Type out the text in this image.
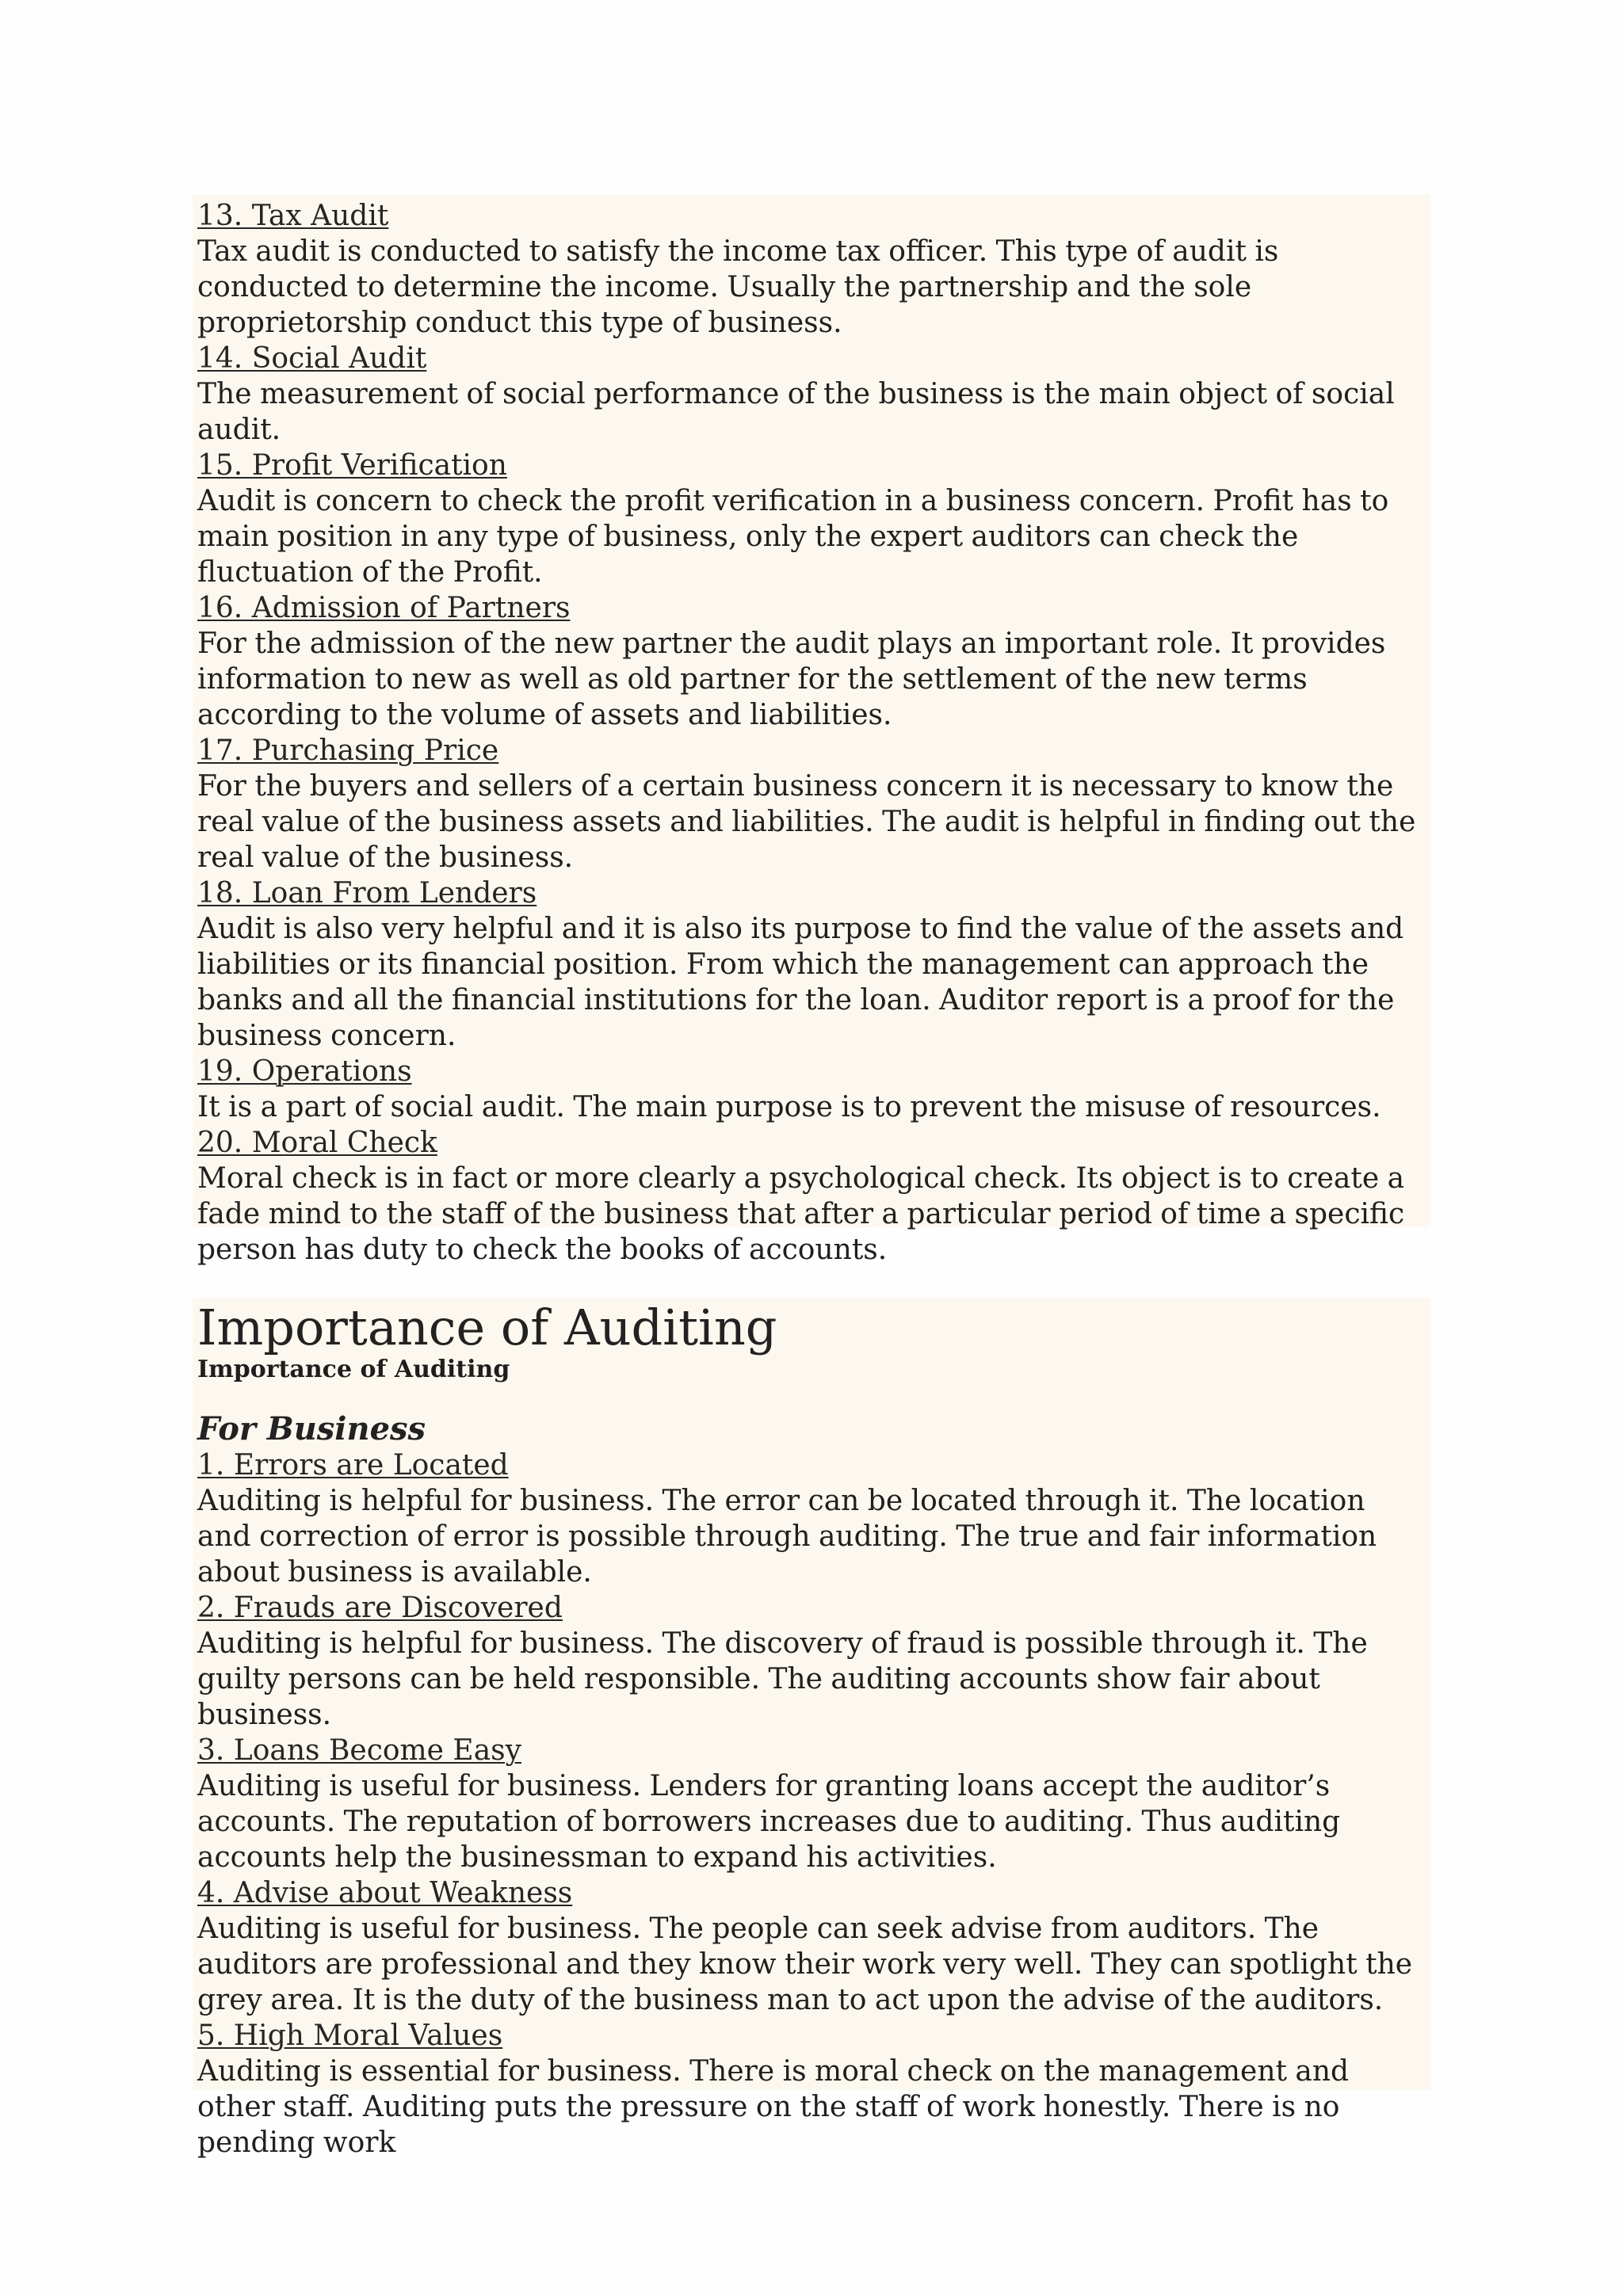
13. Tax Audit

Tax audit is conducted to satisfy the income tax officer. This type of audit is conducted to determine the income. Usually the partnership and the sole proprietorship conduct this type of business.

14. Social Audit

The measurement of social performance of the business is the main object of social audit.

15. Profit Verification

Audit is concern to check the profit verification in a business concern. Profit has to main position in any type of business, only the expert auditors can check the fluctuation of the Profit.

16. Admission of Partners

For the admission of the new partner the audit plays an important role. It provides information to new as well as old partner for the settlement of the new terms according to the volume of assets and liabilities.

17. Purchasing Price

For the buyers and sellers of a certain business concern it is necessary to know the real value of the business assets and liabilities. The audit is helpful in finding out the real value of the business.

18. Loan From Lenders

Audit is also very helpful and it is also its purpose to find the value of the assets and liabilities or its financial position. From which the management can approach the banks and all the financial institutions for the loan. Auditor report is a proof for the business concern.

19. Operations

It is a part of social audit. The main purpose is to prevent the misuse of resources.

20. Moral Check

Moral check is in fact or more clearly a psychological check. Its object is to create a fade mind to the staff of the business that after a particular period of time a specific person has duty to check the books of accounts.

Importance of Auditing
Importance of Auditing
For Business
1. Errors are Located

Auditing is helpful for business. The error can be located through it. The location and correction of error is possible through auditing. The true and fair information about business is available.

2. Frauds are Discovered

Auditing is helpful for business. The discovery of fraud is possible through it. The guilty persons can be held responsible. The auditing accounts show fair about business.

3. Loans Become Easy

Auditing is useful for business. Lenders for granting loans accept the auditor’s accounts. The reputation of borrowers increases due to auditing. Thus auditing accounts help the businessman to expand his activities.

4. Advise about Weakness

Auditing is useful for business. The people can seek advise from auditors. The auditors are professional and they know their work very well. They can spotlight the grey area. It is the duty of the business man to act upon the advise of the auditors.

5. High Moral Values

Auditing is essential for business. There is moral check on the management and other staff. Auditing puts the pressure on the staff of work honestly. There is no pending work
